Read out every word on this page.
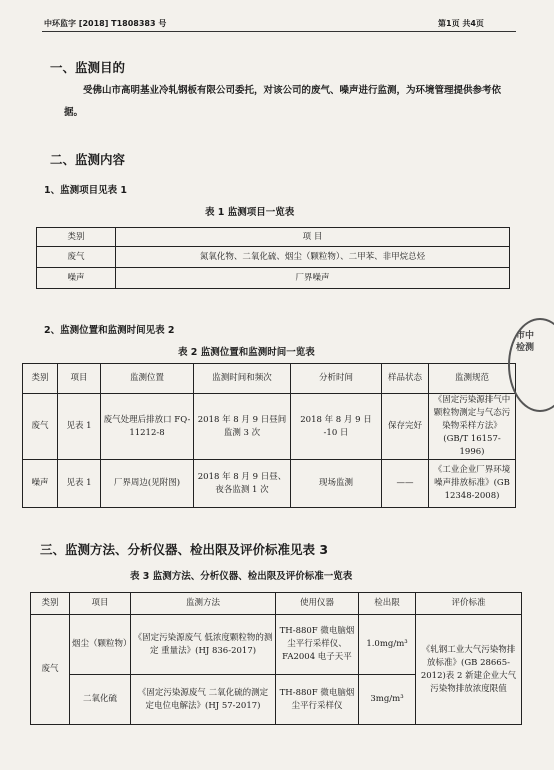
中环监字 [2018] T1808383 号	第1页 共4页
一、监测目的
受佛山市高明基业冷轧钢板有限公司委托，对该公司的废气、噪声进行监测，为环境管理提供参考依据。
二、监测内容
1、监测项目见表 1
表 1 监测项目一览表
类别	项 目
废气	氮氧化物、二氧化硫、烟尘（颗粒物）、二甲苯、非甲烷总烃
噪声	厂界噪声
2、监测位置和监测时间见表 2
表 2 监测位置和监测时间一览表
类别	项目	监测位置	监测时间和频次	分析时间	样品状态	监测规范
废气	见表 1	废气处理后排放口 FQ-11212-8	2018 年 8 月 9 日昼间监测 3 次	2018 年 8 月 9 日 -10 日	保存完好	《固定污染源排气中颗粒物测定与气态污染物采样方法》(GB/T 16157-1996)
噪声	见表 1	厂界周边(见附图)	2018 年 8 月 9 日昼、夜各监测 1 次	现场监测	——	《工业企业厂界环境噪声排放标准》(GB 12348-2008)
市中检测
三、监测方法、分析仪器、检出限及评价标准见表 3
表 3 监测方法、分析仪器、检出限及评价标准一览表
类别	项目	监测方法	使用仪器	检出限	评价标准
废气	烟尘（颗粒物）	《固定污染源废气 低浓度颗粒物的测定 重量法》(HJ 836-2017)	TH-880F 微电脑烟尘平行采样仪、FA2004 电子天平	1.0mg/m³	《轧钢工业大气污染物排放标准》(GB 28665-2012)表 2 新建企业大气污染物排放浓度限值
	二氧化硫	《固定污染源废气 二氧化硫的测定 定电位电解法》(HJ 57-2017)	TH-880F 微电脑烟尘平行采样仪	3mg/m³	
